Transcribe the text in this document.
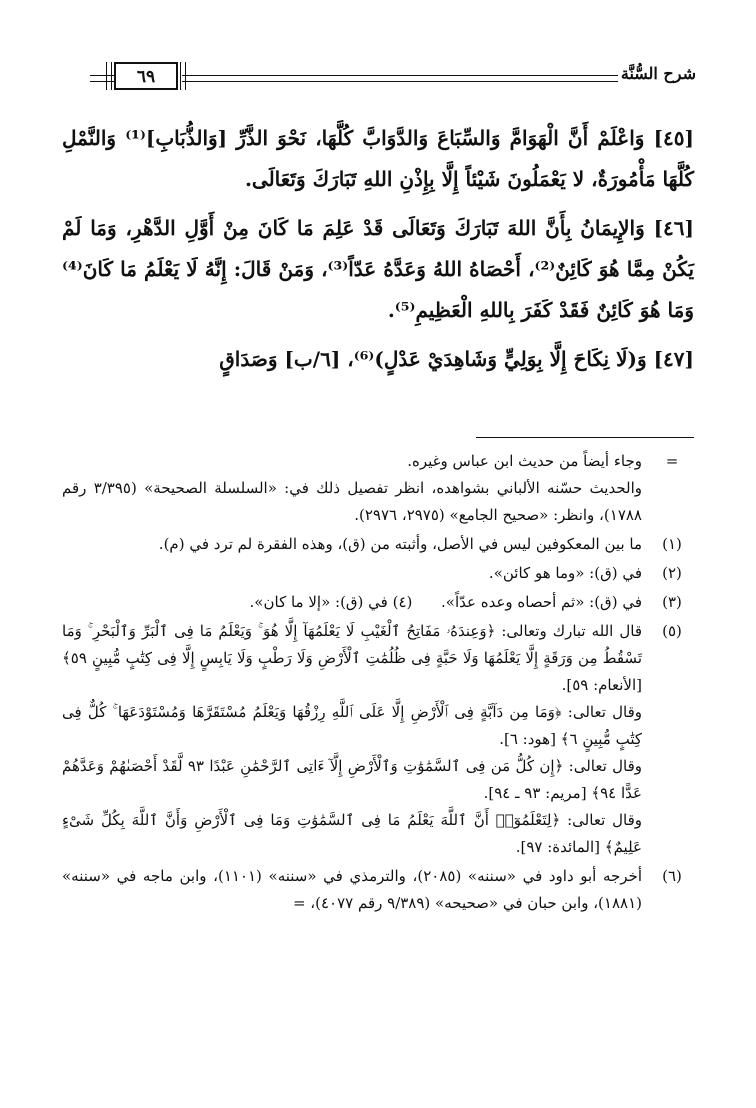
شرح السُّنَّة
٦٩

[٤٥] وَاعْلَمْ أَنَّ الْهَوَامَّ وَالسِّبَاعَ وَالدَّوَابَّ كُلَّهَا، نَحْوَ الذَّرِّ [وَالذُّبَابِ]⁽¹⁾ وَالنَّمْلِ كُلَّهَا مَأْمُورَةٌ، لا يَعْمَلُونَ شَيْئاً إِلَّا بِإِذْنِ اللهِ تَبَارَكَ وَتَعَالَى.

[٤٦] وَالإِيمَانُ بِأَنَّ اللهَ تَبَارَكَ وَتَعَالَى قَدْ عَلِمَ مَا كَانَ مِنْ أَوَّلِ الدَّهْرِ، وَمَا لَمْ يَكُنْ مِمَّا هُوَ كَائِنٌ⁽²⁾، أَحْصَاهُ اللهُ وَعَدَّهُ عَدّاً⁽³⁾، وَمَنْ قَالَ: إِنَّهُ لَا يَعْلَمُ مَا كَانَ⁽⁴⁾ وَمَا هُوَ كَائِنٌ فَقَدْ كَفَرَ بِاللهِ الْعَظِيمِ⁽⁵⁾.

[٤٧] وَ(لَا نِكَاحَ إِلَّا بِوَلِيٍّ وَشَاهِدَيْ عَدْلٍ)⁽⁶⁾، [٦/ب] وَصَدَاقٍ

=
وجاء أيضاً من حديث ابن عباس وغيره.
والحديث حسّنه الألباني بشواهده، انظر تفصيل ذلك في: «السلسلة الصحيحة» (٣/٣٩٥ رقم ١٧٨٨)، وانظر: «صحيح الجامع» (٢٩٧٥، ٢٩٧٦).
(١)
ما بين المعكوفين ليس في الأصل، وأثبته من (ق)، وهذه الفقرة لم ترد في (م).
(٢)
في (ق): «وما هو كائن».
(٣)
في (ق): «ثم أحصاه وعده عدّاً».      (٤) في (ق): «إلا ما كان».
(٥)
قال الله تبارك وتعالى: ﴿وَعِندَهُۥ مَفَاتِحُ ٱلْغَيْبِ لَا يَعْلَمُهَآ إِلَّا هُوَ ۚ وَيَعْلَمُ مَا فِى ٱلْبَرِّ وَٱلْبَحْرِ ۚ وَمَا تَسْقُطُ مِن وَرَقَةٍ إِلَّا يَعْلَمُهَا وَلَا حَبَّةٍ فِى ظُلُمَٰتِ ٱلْأَرْضِ وَلَا رَطْبٍ وَلَا يَابِسٍ إِلَّا فِى كِتَٰبٍ مُّبِينٍ ٥٩﴾ [الأنعام: ٥٩].
وقال تعالى: ﴿وَمَا مِن دَآبَّةٍ فِى ٱلْأَرْضِ إِلَّا عَلَى ٱللَّهِ رِزْقُهَا وَيَعْلَمُ مُسْتَقَرَّهَا وَمُسْتَوْدَعَهَا ۚ كُلٌّ فِى كِتَٰبٍ مُّبِينٍ ٦﴾ [هود: ٦].
وقال تعالى: ﴿إِن كُلُّ مَن فِى ٱلسَّمَٰوَٰتِ وَٱلْأَرْضِ إِلَّآ ءَاتِى ٱلرَّحْمَٰنِ عَبْدًا ٩٣ لَّقَدْ أَحْصَىٰهُمْ وَعَدَّهُمْ عَدًّا ٩٤﴾ [مريم: ٩٣ ـ ٩٤].
وقال تعالى: ﴿لِتَعْلَمُوٓا۟ أَنَّ ٱللَّهَ يَعْلَمُ مَا فِى ٱلسَّمَٰوَٰتِ وَمَا فِى ٱلْأَرْضِ وَأَنَّ ٱللَّهَ بِكُلِّ شَىْءٍ عَلِيمٌ﴾ [المائدة: ٩٧].
(٦)
أخرجه أبو داود في «سننه» (٢٠٨٥)، والترمذي في «سننه» (١١٠١)، وابن ماجه في «سننه» (١٨٨١)، وابن حبان في «صحيحه» (٩/٣٨٩ رقم ٤٠٧٧)، =
